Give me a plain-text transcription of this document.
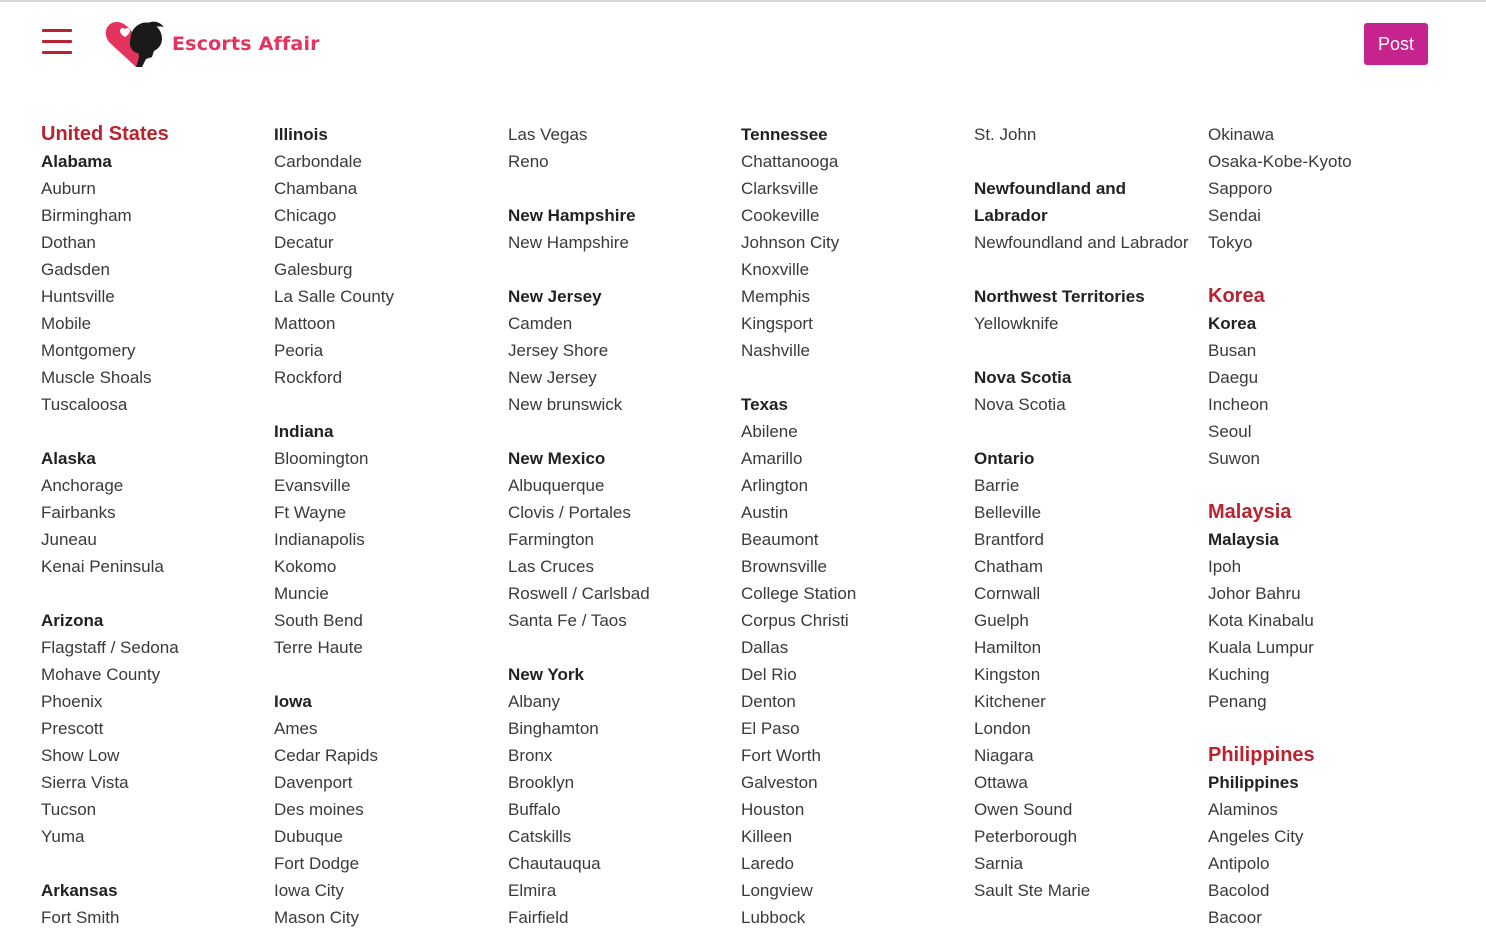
Escorts Affair	Post
United States
Alabama
Auburn
Birmingham
Dothan
Gadsden
Huntsville
Mobile
Montgomery
Muscle Shoals
Tuscaloosa
Alaska
Anchorage
Fairbanks
Juneau
Kenai Peninsula
Arizona
Flagstaff / Sedona
Mohave County
Phoenix
Prescott
Show Low
Sierra Vista
Tucson
Yuma
Arkansas
Fort Smith
Illinois
Carbondale
Chambana
Chicago
Decatur
Galesburg
La Salle County
Mattoon
Peoria
Rockford
Indiana
Bloomington
Evansville
Ft Wayne
Indianapolis
Kokomo
Muncie
South Bend
Terre Haute
Iowa
Ames
Cedar Rapids
Davenport
Des moines
Dubuque
Fort Dodge
Iowa City
Mason City
Las Vegas
Reno
New Hampshire
New Hampshire
New Jersey
Camden
Jersey Shore
New Jersey
New brunswick
New Mexico
Albuquerque
Clovis / Portales
Farmington
Las Cruces
Roswell / Carlsbad
Santa Fe / Taos
New York
Albany
Binghamton
Bronx
Brooklyn
Buffalo
Catskills
Chautauqua
Elmira
Fairfield
Tennessee
Chattanooga
Clarksville
Cookeville
Johnson City
Knoxville
Memphis
Kingsport
Nashville
Texas
Abilene
Amarillo
Arlington
Austin
Beaumont
Brownsville
College Station
Corpus Christi
Dallas
Del Rio
Denton
El Paso
Fort Worth
Galveston
Houston
Killeen
Laredo
Longview
Lubbock
St. John
Newfoundland and Labrador
Newfoundland and Labrador
Northwest Territories
Yellowknife
Nova Scotia
Nova Scotia
Ontario
Barrie
Belleville
Brantford
Chatham
Cornwall
Guelph
Hamilton
Kingston
Kitchener
London
Niagara
Ottawa
Owen Sound
Peterborough
Sarnia
Sault Ste Marie
Okinawa
Osaka-Kobe-Kyoto
Sapporo
Sendai
Tokyo
Korea
Korea
Busan
Daegu
Incheon
Seoul
Suwon
Malaysia
Malaysia
Ipoh
Johor Bahru
Kota Kinabalu
Kuala Lumpur
Kuching
Penang
Philippines
Philippines
Alaminos
Angeles City
Antipolo
Bacolod
Bacoor
